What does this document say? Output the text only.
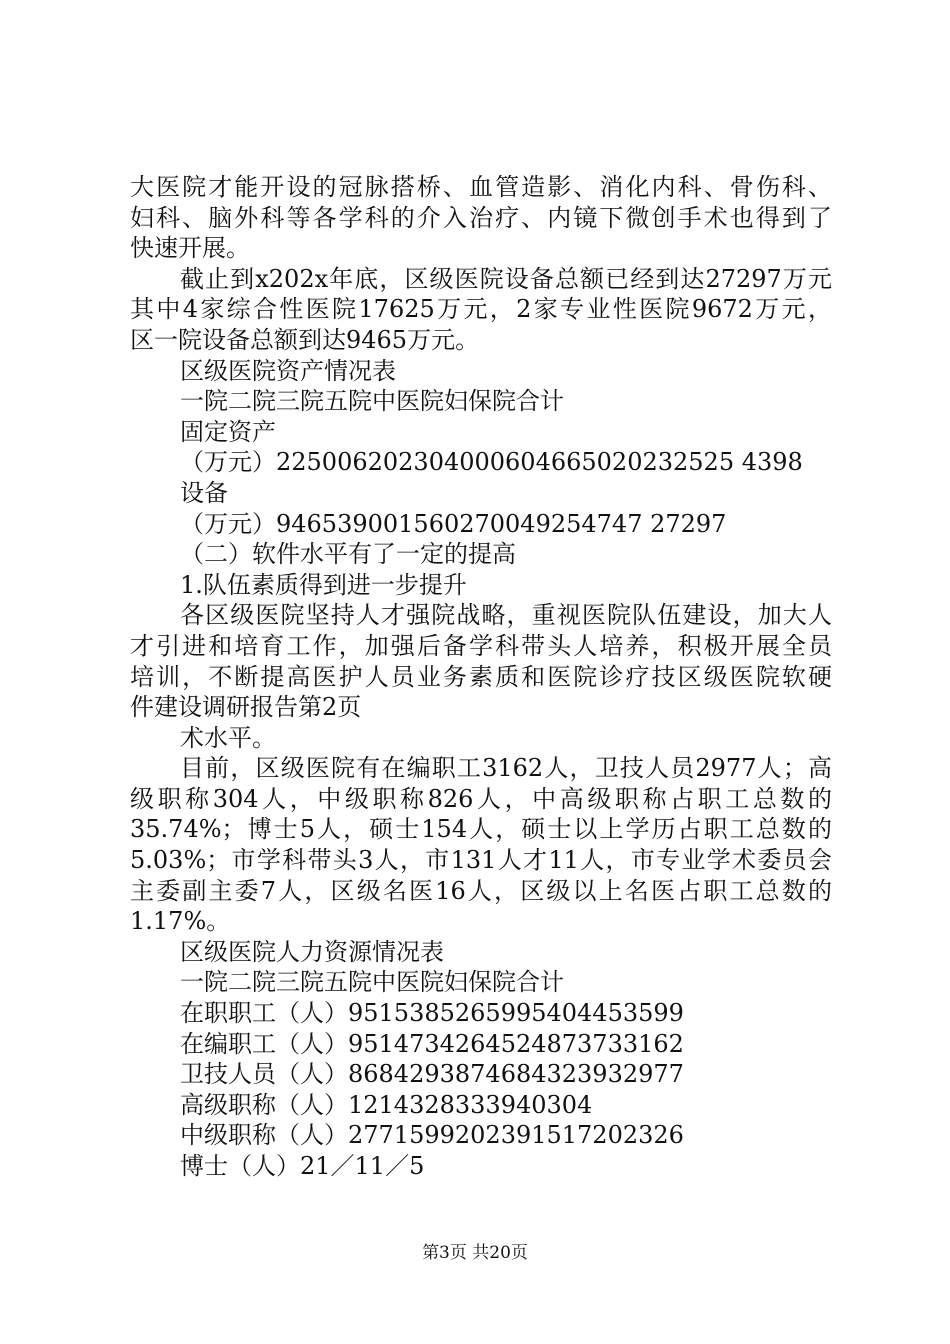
大医院才能开设的冠脉搭桥、血管造影、消化内科、骨伤科、
妇科、脑外科等各学科的介入治疗、内镜下微创手术也得到了
快速开展。
截止到x202x年底，区级医院设备总额已经到达27297万元
其中4家综合性医院17625万元，2家专业性医院9672万元，
区一院设备总额到达9465万元。
区级医院资产情况表
一院二院三院五院中医院妇保院合计
固定资产
（万元）225006202304000604665020232525 4398
设备
（万元）946539001560270049254747 27297
（二）软件水平有了一定的提高
1.队伍素质得到进一步提升
各区级医院坚持人才强院战略，重视医院队伍建设，加大人
才引进和培育工作，加强后备学科带头人培养，积极开展全员
培训，不断提高医护人员业务素质和医院诊疗技区级医院软硬
件建设调研报告第2页
术水平。
目前，区级医院有在编职工3162人，卫技人员2977人；高
级职称304人，中级职称826人，中高级职称占职工总数的
35.74%；博士5人，硕士154人，硕士以上学历占职工总数的
5.03%；市学科带头3人，市131人才11人，市专业学术委员会
主委副主委7人，区级名医16人，区级以上名医占职工总数的
1.17%。
区级医院人力资源情况表
一院二院三院五院中医院妇保院合计
在职职工（人）9515385265995404453599
在编职工（人）9514734264524873733162
卫技人员（人）8684293874684323932977
高级职称（人）1214328333940304
中级职称（人）2771599202391517202326
博士（人）21／11／5
第3页 共20页
